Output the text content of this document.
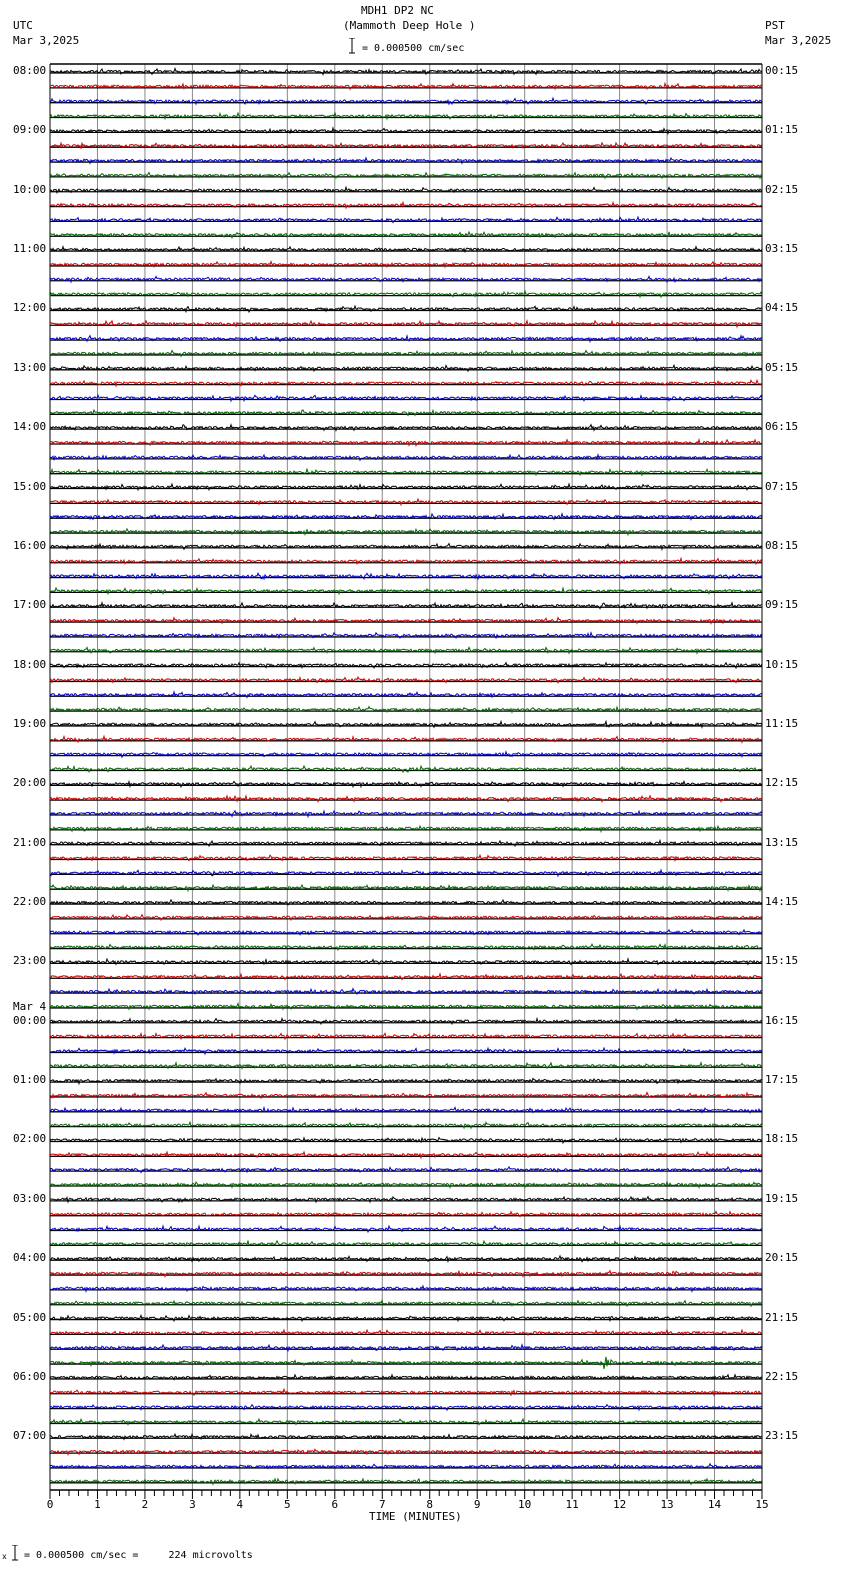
MDH1 DP2 NC
(Mammoth Deep Hole )
UTC
Mar 3,2025
PST
Mar 3,2025
= 0.000500 cm/sec
0	1	2	3	4	5	6	7	8	9	10	11	12	13	14	15
08:00
09:00
10:00
11:00
12:00
13:00
14:00
15:00
16:00
17:00
18:00
19:00
20:00
21:00
22:00
23:00
00:00
01:00
02:00
03:00
04:00
05:00
06:00
07:00
00:15
01:15
02:15
03:15
04:15
05:15
06:15
07:15
08:15
09:15
10:15
11:15
12:15
13:15
14:15
15:15
16:15
17:15
18:15
19:15
20:15
21:15
22:15
23:15
Mar 4
TIME (MINUTES)
x = 0.000500 cm/sec =     224 microvolts
